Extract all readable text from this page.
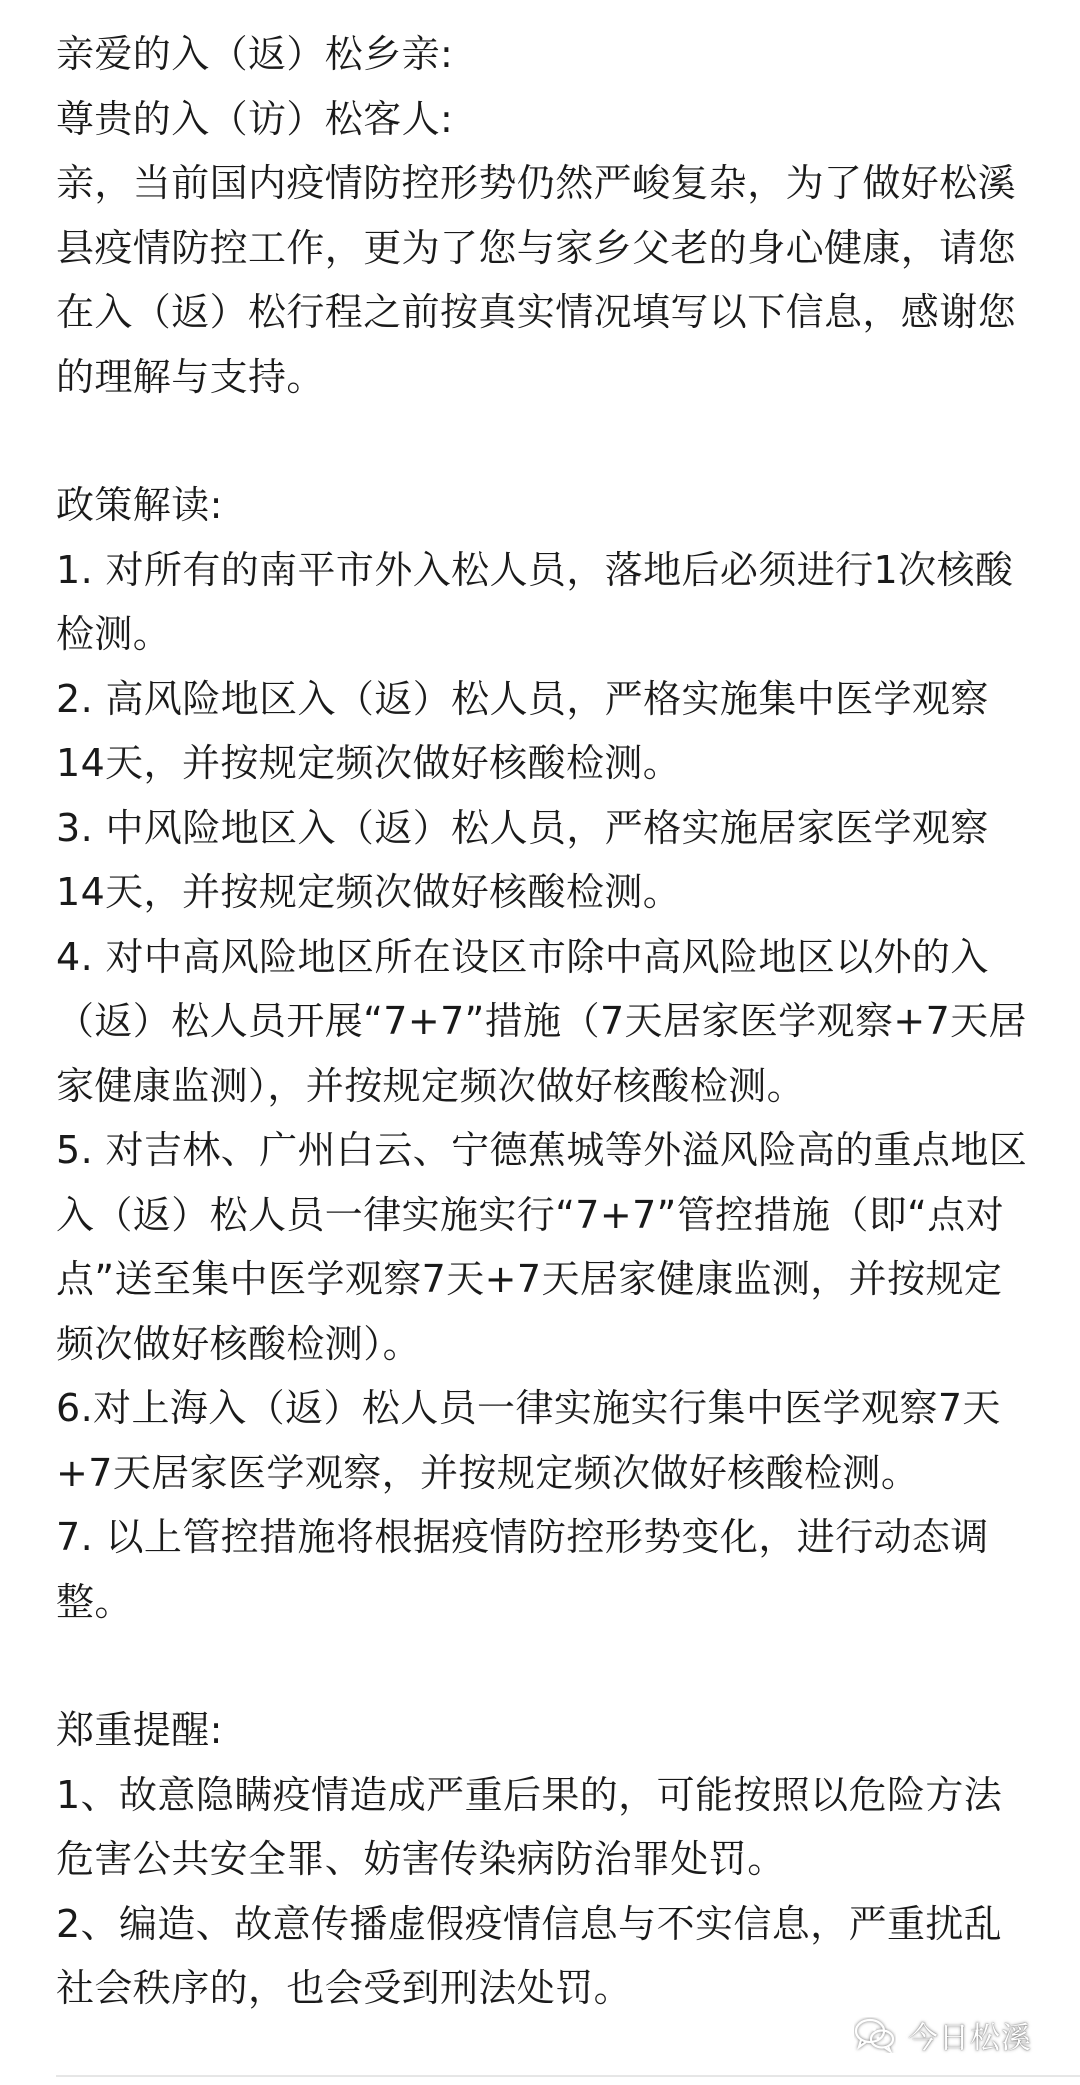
亲爱的入（返）松乡亲:

尊贵的入（访）松客人:

亲，当前国内疫情防控形势仍然严峻复杂，为了做好松溪县疫情防控工作，更为了您与家乡父老的身心健康，请您在入（返）松行程之前按真实情况填写以下信息，感谢您的理解与支持。

政策解读:

1. 对所有的南平市外入松人员，落地后必须进行1次核酸检测。

2. 高风险地区入（返）松人员，严格实施集中医学观察14天，并按规定频次做好核酸检测。

3. 中风险地区入（返）松人员，严格实施居家医学观察14天，并按规定频次做好核酸检测。

4. 对中高风险地区所在设区市除中高风险地区以外的入（返）松人员开展“7+7”措施（7天居家医学观察+7天居家健康监测），并按规定频次做好核酸检测。

5. 对吉林、广州白云、宁德蕉城等外溢风险高的重点地区入（返）松人员一律实施实行“7+7”管控措施（即“点对点”送至集中医学观察7天+7天居家健康监测，并按规定频次做好核酸检测）。

6.对上海入（返）松人员一律实施实行集中医学观察7天+7天居家医学观察，并按规定频次做好核酸检测。

7. 以上管控措施将根据疫情防控形势变化，进行动态调整。

郑重提醒:

1、故意隐瞒疫情造成严重后果的，可能按照以危险方法危害公共安全罪、妨害传染病防治罪处罚。

2、编造、故意传播虚假疫情信息与不实信息，严重扰乱社会秩序的，也会受到刑法处罚。

今日松溪
